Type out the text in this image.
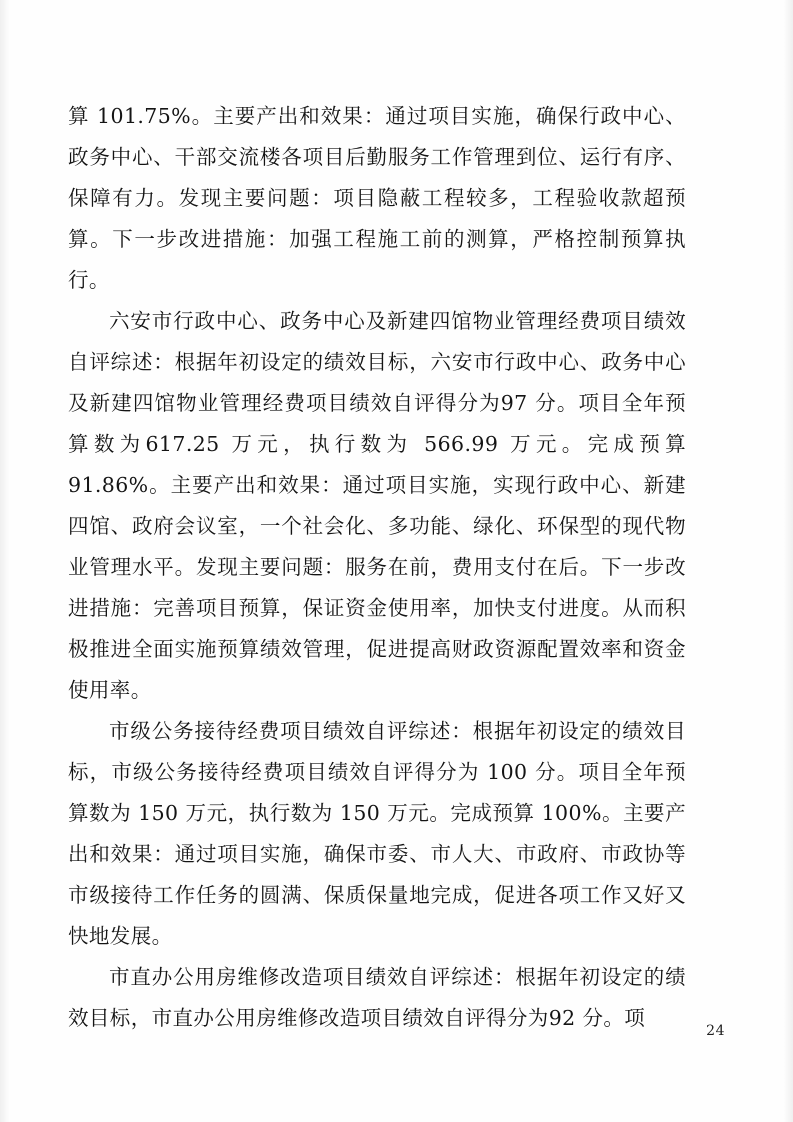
算 101.75%。主要产出和效果：通过项目实施，确保行政中心、政务中心、干部交流楼各项目后勤服务工作管理到位、运行有序、保障有力。发现主要问题：项目隐蔽工程较多，工程验收款超预算。下一步改进措施：加强工程施工前的测算，严格控制预算执行。

六安市行政中心、政务中心及新建四馆物业管理经费项目绩效自评综述：根据年初设定的绩效目标，六安市行政中心、政务中心及新建四馆物业管理经费项目绩效自评得分为97 分。项目全年预算数为617.25 万元，执行数为 566.99 万元。完成预算91.86%。主要产出和效果：通过项目实施，实现行政中心、新建四馆、政府会议室，一个社会化、多功能、绿化、环保型的现代物业管理水平。发现主要问题：服务在前，费用支付在后。下一步改进措施：完善项目预算，保证资金使用率，加快支付进度。从而积极推进全面实施预算绩效管理，促进提高财政资源配置效率和资金使用率。

市级公务接待经费项目绩效自评综述：根据年初设定的绩效目标，市级公务接待经费项目绩效自评得分为 100 分。项目全年预算数为 150 万元，执行数为 150 万元。完成预算 100%。主要产出和效果：通过项目实施，确保市委、市人大、市政府、市政协等市级接待工作任务的圆满、保质保量地完成，促进各项工作又好又快地发展。

市直办公用房维修改造项目绩效自评综述：根据年初设定的绩效目标，市直办公用房维修改造项目绩效自评得分为92 分。项

24
